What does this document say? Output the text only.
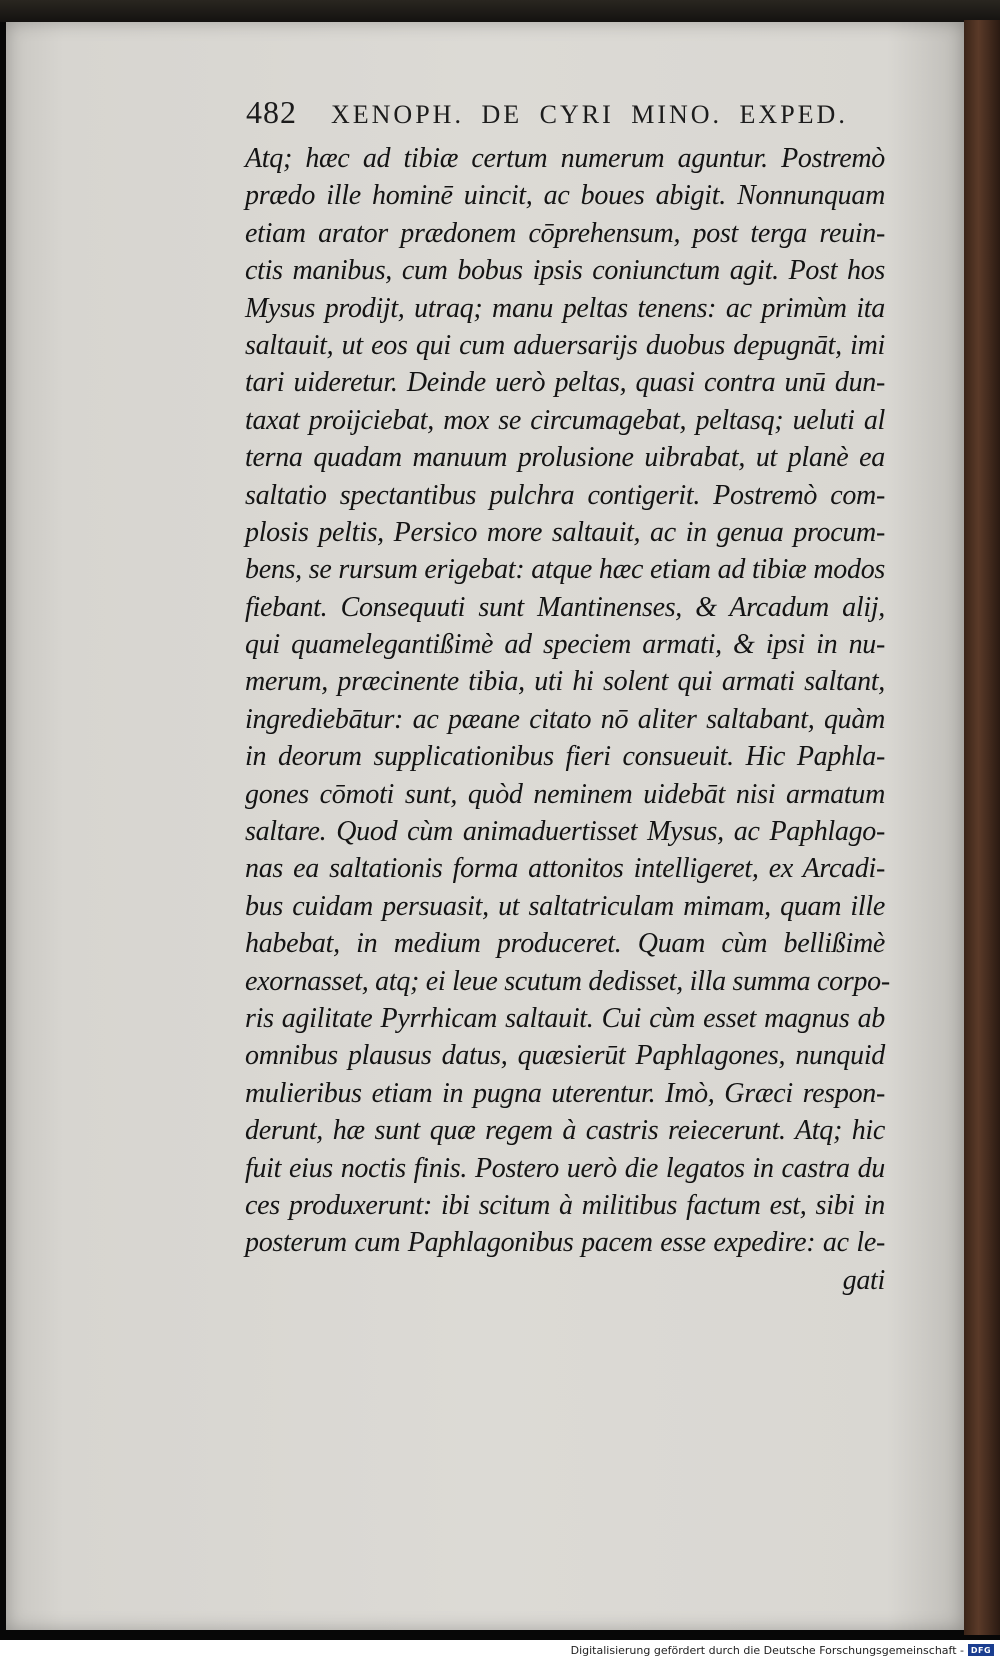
482 XENOPH. DE CYRI MINO. EXPED.
Atq; hæc ad tibiæ certum numerum aguntur. Postremò
prædo ille hominē uincit, ac boues abigit. Nonnunquam
etiam arator prædonem cōprehensum, post terga reuin-
ctis manibus, cum bobus ipsis coniunctum agit. Post hos
Mysus prodijt, utraq; manu peltas tenens: ac primùm ita
saltauit, ut eos qui cum aduersarijs duobus depugnāt, imi
tari uideretur. Deinde uerò peltas, quasi contra unū dun-
taxat proijciebat, mox se circumagebat, peltasq; ueluti al
terna quadam manuum prolusione uibrabat, ut planè ea
saltatio spectantibus pulchra contigerit. Postremò com-
plosis peltis, Persico more saltauit, ac in genua procum-
bens, se rursum erigebat: atque hæc etiam ad tibiæ modos
fiebant. Consequuti sunt Mantinenses, & Arcadum alij,
qui quamelegantißimè ad speciem armati, & ipsi in nu-
merum, præcinente tibia, uti hi solent qui armati saltant,
ingrediebātur: ac pæane citato nō aliter saltabant, quàm
in deorum supplicationibus fieri consueuit. Hic Paphla-
gones cōmoti sunt, quòd neminem uidebāt nisi armatum
saltare. Quod cùm animaduertisset Mysus, ac Paphlago-
nas ea saltationis forma attonitos intelligeret, ex Arcadi-
bus cuidam persuasit, ut saltatriculam mimam, quam ille
habebat, in medium produceret. Quam cùm bellißimè
exornasset, atq; ei leue scutum dedisset, illa summa corpo-
ris agilitate Pyrrhicam saltauit. Cui cùm esset magnus ab
omnibus plausus datus, quæsierūt Paphlagones, nunquid
mulieribus etiam in pugna uterentur. Imò, Græci respon-
derunt, hæ sunt quæ regem à castris reiecerunt. Atq; hic
fuit eius noctis finis. Postero uerò die legatos in castra du
ces produxerunt: ibi scitum à militibus factum est, sibi in
posterum cum Paphlagonibus pacem esse expedire: ac le-
gati
Digitalisierung gefördert durch die Deutsche Forschungsgemeinschaft - DFG
